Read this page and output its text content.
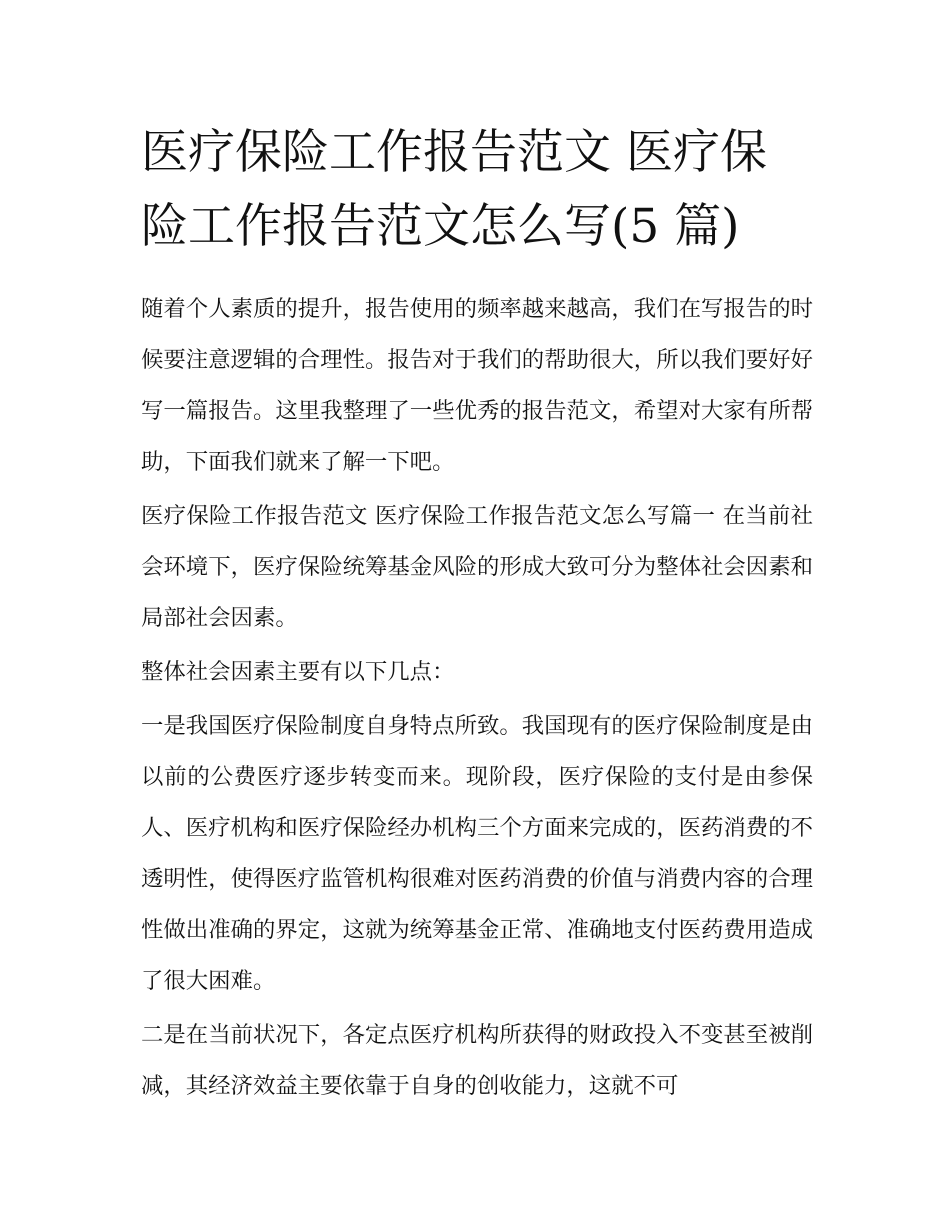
医疗保险工作报告范文 医疗保险工作报告范文怎么写(5 篇)

随着个人素质的提升，报告使用的频率越来越高，我们在写报告的时候要注意逻辑的合理性。报告对于我们的帮助很大，所以我们要好好写一篇报告。这里我整理了一些优秀的报告范文，希望对大家有所帮助，下面我们就来了解一下吧。

医疗保险工作报告范文 医疗保险工作报告范文怎么写篇一 在当前社会环境下，医疗保险统筹基金风险的形成大致可分为整体社会因素和局部社会因素。

整体社会因素主要有以下几点：

一是我国医疗保险制度自身特点所致。我国现有的医疗保险制度是由以前的公费医疗逐步转变而来。现阶段，医疗保险的支付是由参保人、医疗机构和医疗保险经办机构三个方面来完成的，医药消费的不透明性，使得医疗监管机构很难对医药消费的价值与消费内容的合理性做出准确的界定，这就为统筹基金正常、准确地支付医药费用造成了很大困难。

二是在当前状况下，各定点医疗机构所获得的财政投入不变甚至被削减，其经济效益主要依靠于自身的创收能力，这就不可
